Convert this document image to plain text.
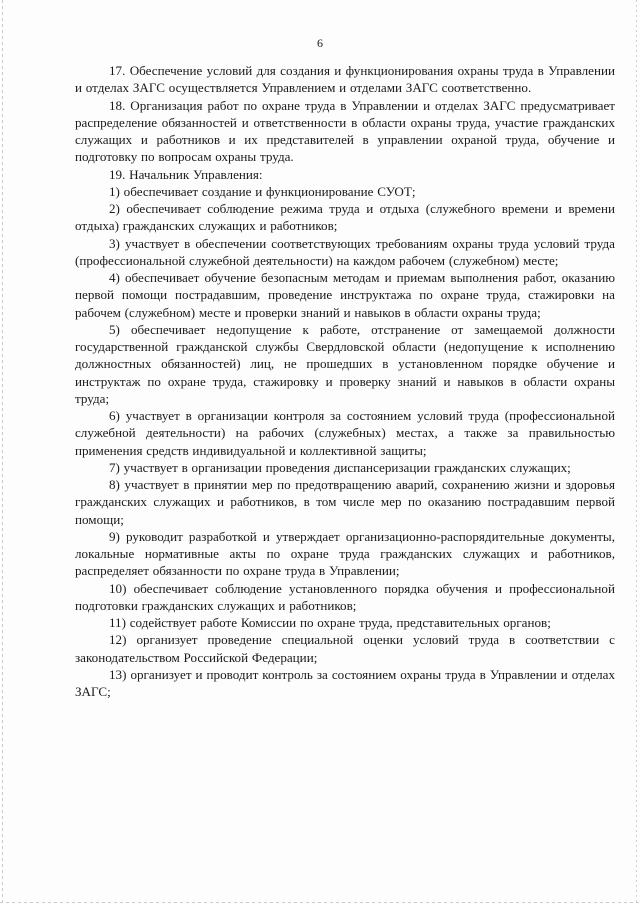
6

17. Обеспечение условий для создания и функционирования охраны труда в Управлении и отделах ЗАГС осуществляется Управлением и отделами ЗАГС соответственно.

18. Организация работ по охране труда в Управлении и отделах ЗАГС предусматривает распределение обязанностей и ответственности в области охраны труда, участие гражданских служащих и работников и их представителей в управлении охраной труда, обучение и подготовку по вопросам охраны труда.

19. Начальник Управления:

1) обеспечивает создание и функционирование СУОТ;

2) обеспечивает соблюдение режима труда и отдыха (служебного времени и времени отдыха) гражданских служащих и работников;

3) участвует в обеспечении соответствующих требованиям охраны труда условий труда (профессиональной служебной деятельности) на каждом рабочем (служебном) месте;

4) обеспечивает обучение безопасным методам и приемам выполнения работ, оказанию первой помощи пострадавшим, проведение инструктажа по охране труда, стажировки на рабочем (служебном) месте и проверки знаний и навыков в области охраны труда;

5) обеспечивает недопущение к работе, отстранение от замещаемой должности государственной гражданской службы Свердловской области (недопущение к исполнению должностных обязанностей) лиц, не прошедших в установленном порядке обучение и инструктаж по охране труда, стажировку и проверку знаний и навыков в области охраны труда;

6) участвует в организации контроля за состоянием условий труда (профессиональной служебной деятельности) на рабочих (служебных) местах, а также за правильностью применения средств индивидуальной и коллективной защиты;

7) участвует в организации проведения диспансеризации гражданских служащих;

8) участвует в принятии мер по предотвращению аварий, сохранению жизни и здоровья гражданских служащих и работников, в том числе мер по оказанию пострадавшим первой помощи;

9) руководит разработкой и утверждает организационно-распорядительные документы, локальные нормативные акты по охране труда гражданских служащих и работников, распределяет обязанности по охране труда в Управлении;

10) обеспечивает соблюдение установленного порядка обучения и профессиональной подготовки гражданских служащих и работников;

11) содействует работе Комиссии по охране труда, представительных органов;

12) организует проведение специальной оценки условий труда в соответствии с законодательством Российской Федерации;

13) организует и проводит контроль за состоянием охраны труда в Управлении и отделах ЗАГС;
